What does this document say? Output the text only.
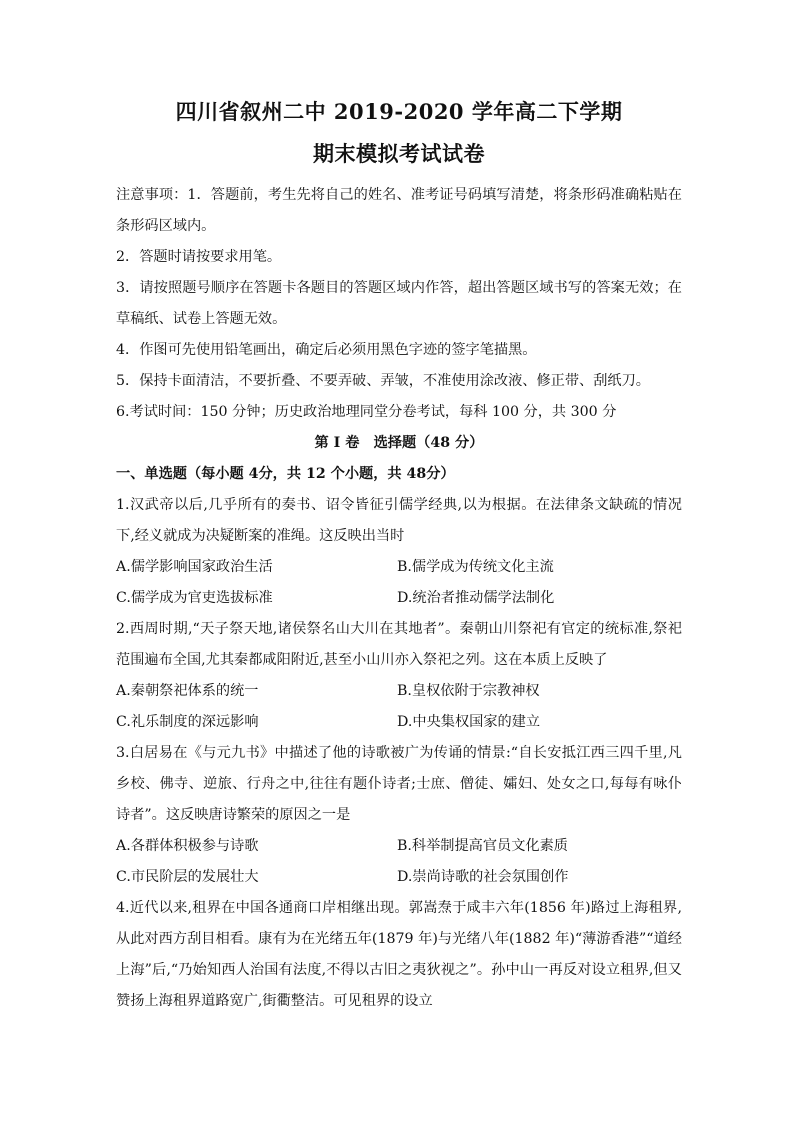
四川省叙州二中 2019-2020 学年高二下学期
期末模拟考试试卷
注意事项：1．答题前，考生先将自己的姓名、准考证号码填写清楚，将条形码准确粘贴在条形码区域内。
2．答题时请按要求用笔。
3．请按照题号顺序在答题卡各题目的答题区域内作答，超出答题区域书写的答案无效；在草稿纸、试卷上答题无效。
4．作图可先使用铅笔画出，确定后必须用黑色字迹的签字笔描黑。
5．保持卡面清洁，不要折叠、不要弄破、弄皱，不准使用涂改液、修正带、刮纸刀。
6.考试时间：150 分钟；历史政治地理同堂分卷考试，每科 100 分，共 300 分
第 I 卷　选择题（48 分）
一、单选题（每小题 4分，共 12 个小题，共 48分）
1.汉武帝以后,几乎所有的奏书、诏令皆征引儒学经典,以为根据。在法律条文缺疏的情况下,经义就成为决疑断案的准绳。这反映出当时
A.儒学影响国家政治生活	B.儒学成为传统文化主流
C.儒学成为官吏选拔标准	D.统治者推动儒学法制化
2.西周时期,“天子祭天地,诸侯祭名山大川在其地者”。秦朝山川祭祀有官定的统标准,祭祀范围遍布全国,尤其秦都咸阳附近,甚至小山川亦入祭祀之列。这在本质上反映了
A.秦朝祭祀体系的统一	B.皇权依附于宗教神权
C.礼乐制度的深远影响	D.中央集权国家的建立
3.白居易在《与元九书》中描述了他的诗歌被广为传诵的情景:“自长安抵江西三四千里,凡乡校、佛寺、逆旅、行舟之中,往往有题仆诗者;士庶、僧徒、孀妇、处女之口,每每有咏仆诗者”。这反映唐诗繁荣的原因之一是
A.各群体积极参与诗歌	B.科举制提高官员文化素质
C.市民阶层的发展壮大	D.崇尚诗歌的社会氛围创作
4.近代以来,租界在中国各通商口岸相继出现。郭嵩焘于咸丰六年(1856 年)路过上海租界,从此对西方刮目相看。康有为在光绪五年(1879 年)与光绪八年(1882 年)“薄游香港”“道经上海”后,“乃始知西人治国有法度,不得以古旧之夷狄视之”。孙中山一再反对设立租界,但又赞扬上海租界道路宽广,街衢整洁。可见租界的设立
